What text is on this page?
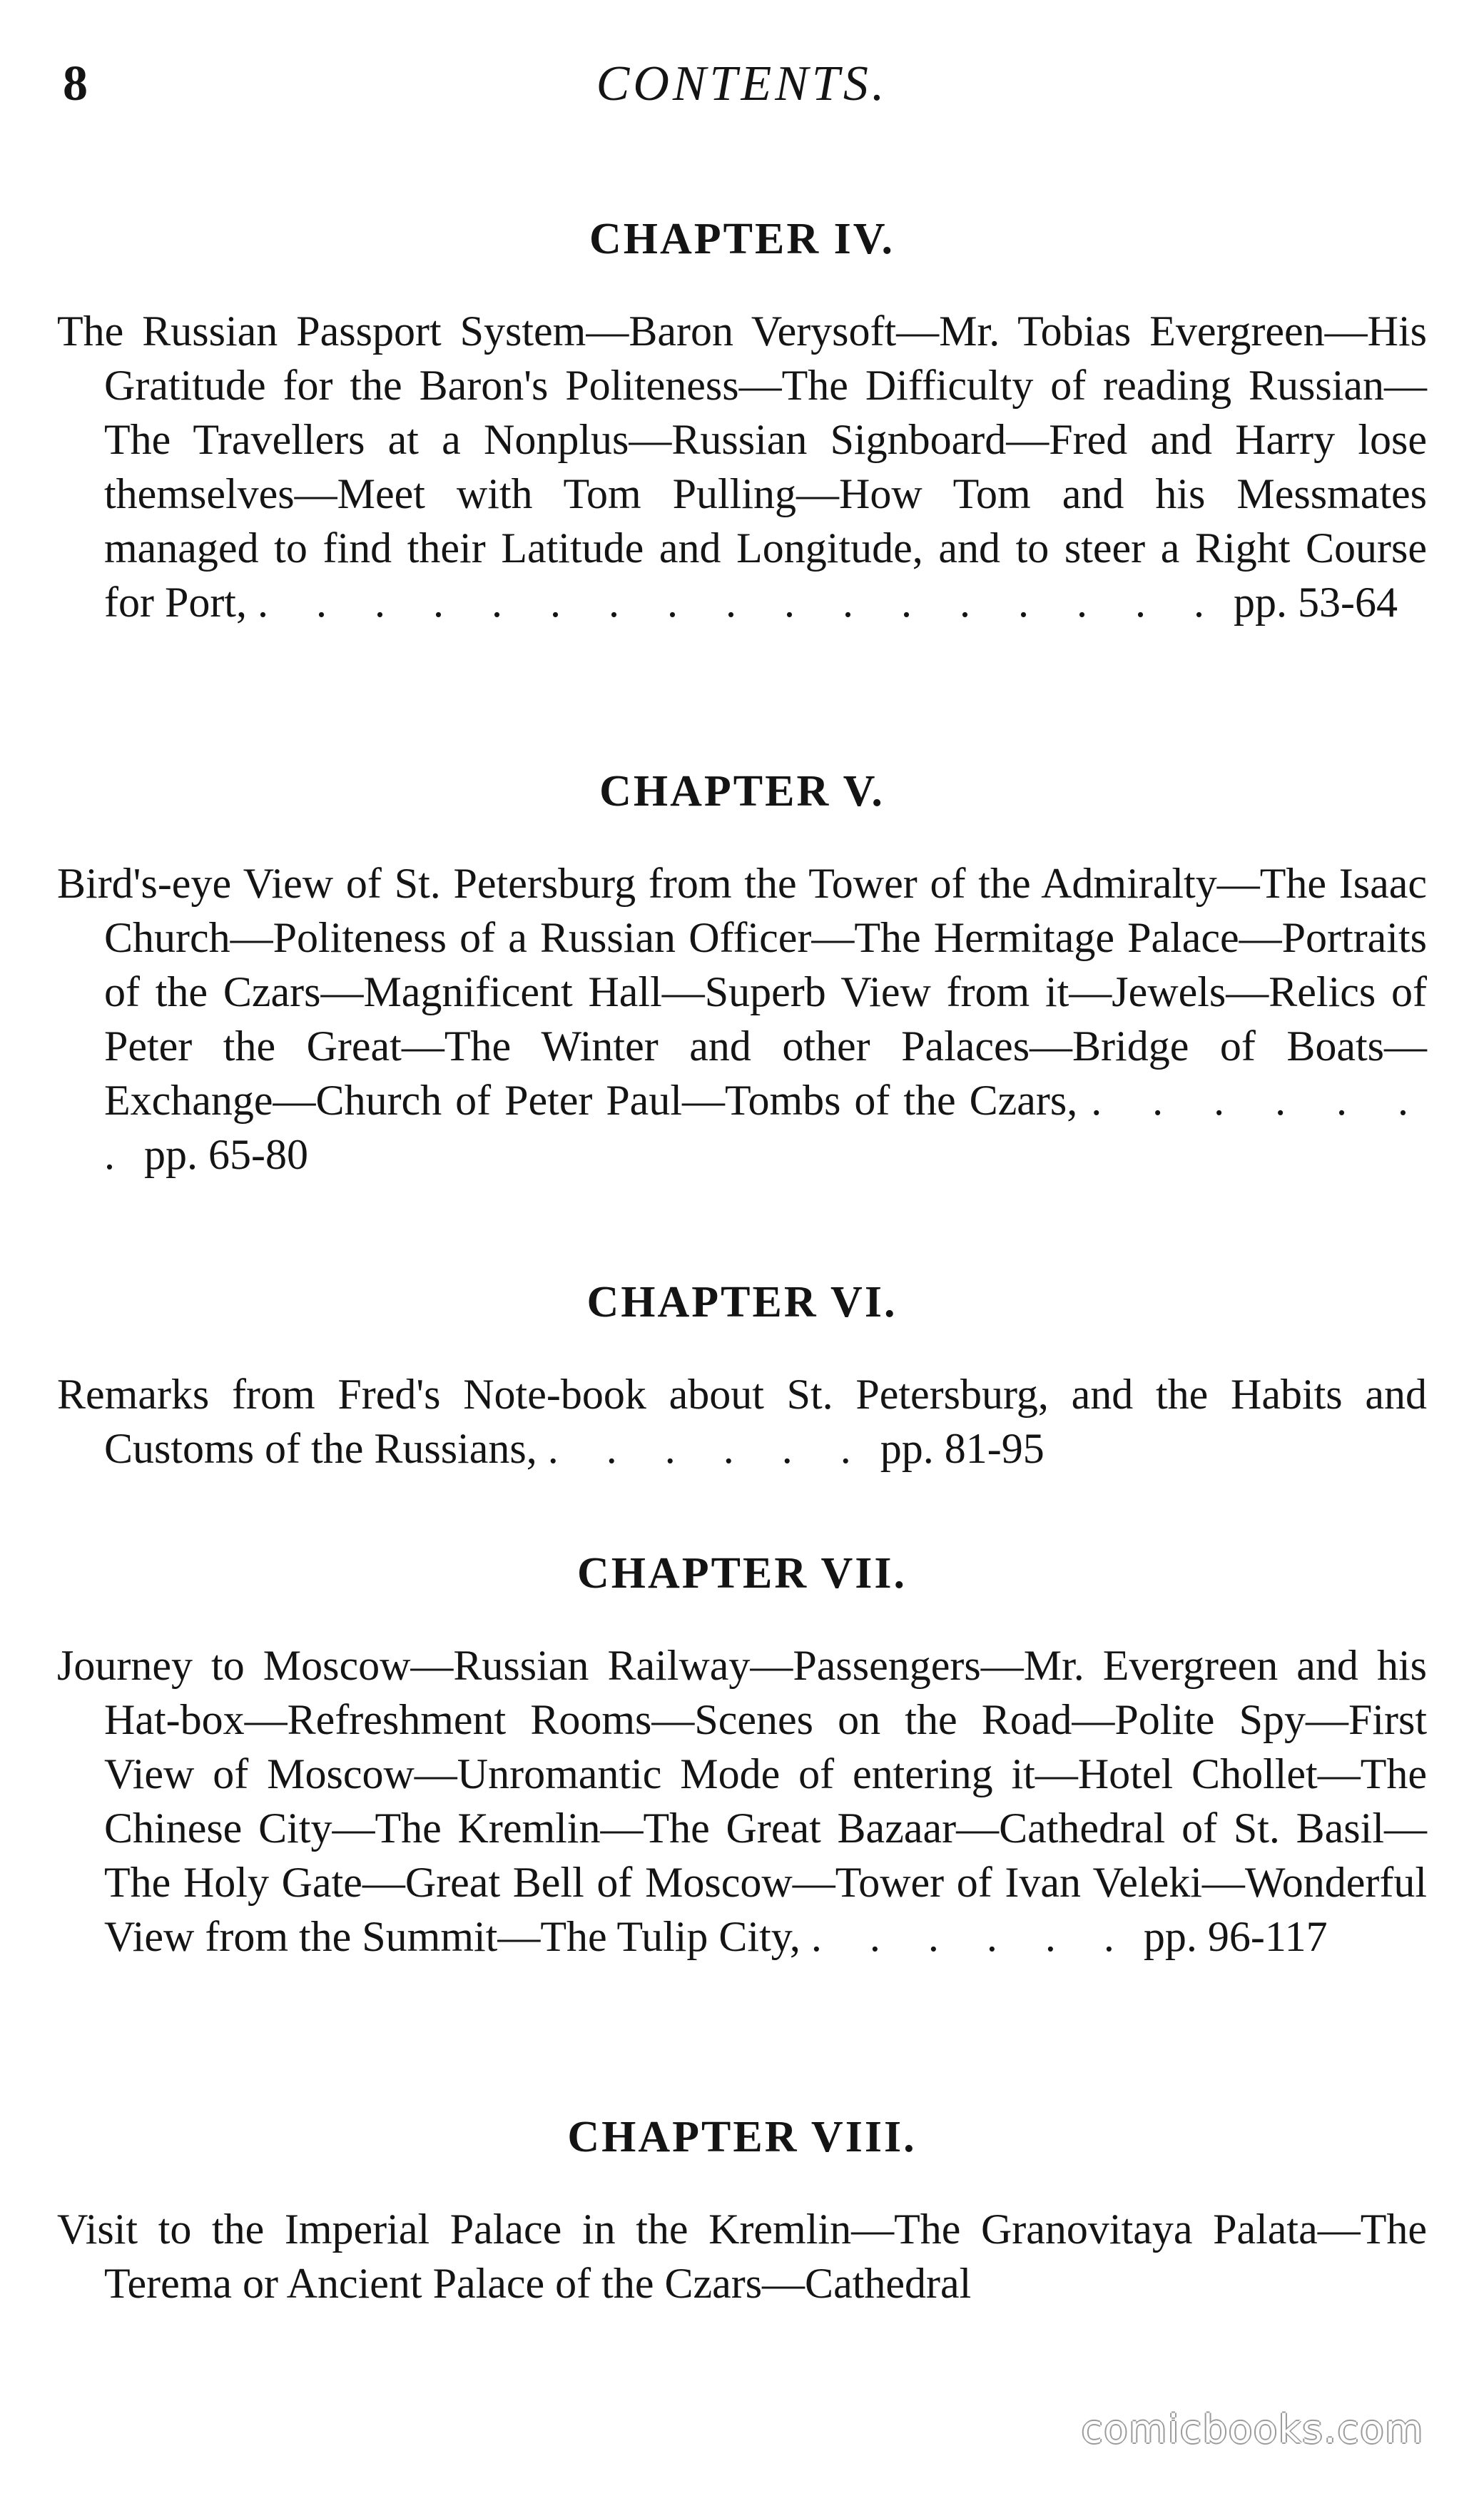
8	CONTENTS.
CHAPTER IV.

The Russian Passport System—Baron Verysoft—Mr. Tobias Evergreen—His Gratitude for the Baron's Politeness—The Difficulty of reading Russian—The Travellers at a Nonplus—Russian Signboard—Fred and Harry lose themselves—Meet with Tom Pulling—How Tom and his Messmates managed to find their Latitude and Longitude, and to steer a Right Course for Port, . . . . . . . . . . . . . . . . . pp. 53-64

CHAPTER V.

Bird's-eye View of St. Petersburg from the Tower of the Admiralty—The Isaac Church—Politeness of a Russian Officer—The Hermitage Palace—Portraits of the Czars—Magnificent Hall—Superb View from it—Jewels—Relics of Peter the Great—The Winter and other Palaces—Bridge of Boats—Exchange—Church of Peter Paul—Tombs of the Czars, . . . . . . . pp. 65-80

CHAPTER VI.

Remarks from Fred's Note-book about St. Petersburg, and the Habits and Customs of the Russians, . . . . . . pp. 81-95

CHAPTER VII.

Journey to Moscow—Russian Railway—Passengers—Mr. Evergreen and his Hat-box—Refreshment Rooms—Scenes on the Road—Polite Spy—First View of Moscow—Unromantic Mode of entering it—Hotel Chollet—The Chinese City—The Kremlin—The Great Bazaar—Cathedral of St. Basil—The Holy Gate—Great Bell of Moscow—Tower of Ivan Veleki—Wonderful View from the Summit—The Tulip City, . . . . . . pp. 96-117

CHAPTER VIII.

Visit to the Imperial Palace in the Kremlin—The Granovitaya Palata—The Terema or Ancient Palace of the Czars—Cathedral

comicbooks.com
